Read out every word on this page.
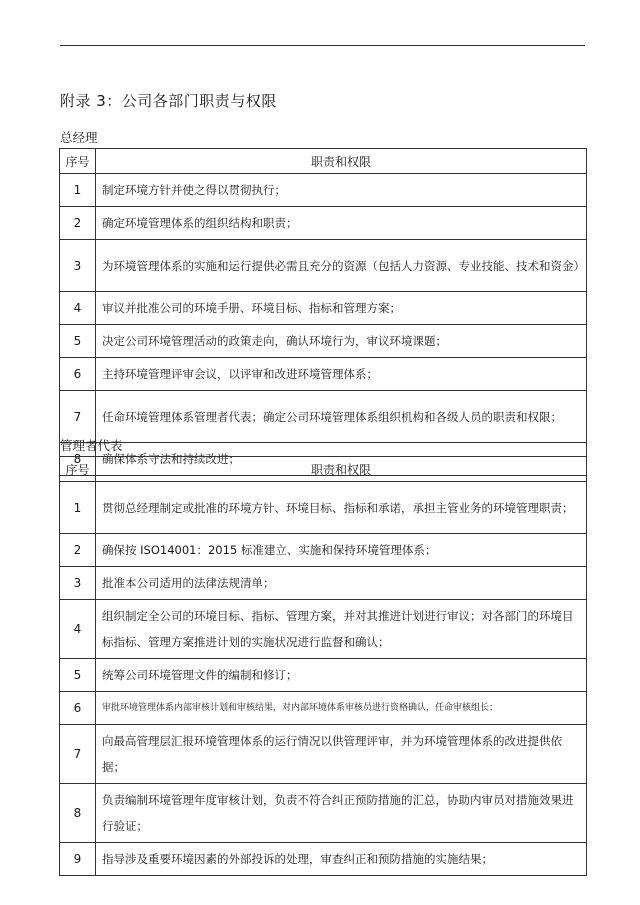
附录 3：公司各部门职责与权限
总经理
序号	职责和权限
1	制定环境方针并使之得以贯彻执行；
2	确定环境管理体系的组织结构和职责；
3	为环境管理体系的实施和运行提供必需且充分的资源（包括人力资源、专业技能、技术和资金）
4	审议并批准公司的环境手册、环境目标、指标和管理方案；
5	决定公司环境管理活动的政策走向，确认环境行为，审议环境课题；
6	主持环境管理评审会议，以评审和改进环境管理体系；
7	任命环境管理体系管理者代表；确定公司环境管理体系组织机构和各级人员的职责和权限；
8	确保体系守法和持续改进；
管理者代表
序号	职责和权限
1	贯彻总经理制定或批准的环境方针、环境目标、指标和承诺，承担主管业务的环境管理职责；
2	确保按 ISO14001：2015 标准建立、实施和保持环境管理体系；
3	批准本公司适用的法律法规清单；
4	组织制定全公司的环境目标、指标、管理方案，并对其推进计划进行审议；对各部门的环境目标指标、管理方案推进计划的实施状况进行监督和确认；
5	统筹公司环境管理文件的编制和修订；
6	审批环境管理体系内部审核计划和审核结果，对内部环境体系审核员进行资格确认，任命审核组长；
7	向最高管理层汇报环境管理体系的运行情况以供管理评审，并为环境管理体系的改进提供依据；
8	负责编制环境管理年度审核计划，负责不符合纠正预防措施的汇总，协助内审员对措施效果进行验证；
9	指导涉及重要环境因素的外部投诉的处理，审查纠正和预防措施的实施结果；
